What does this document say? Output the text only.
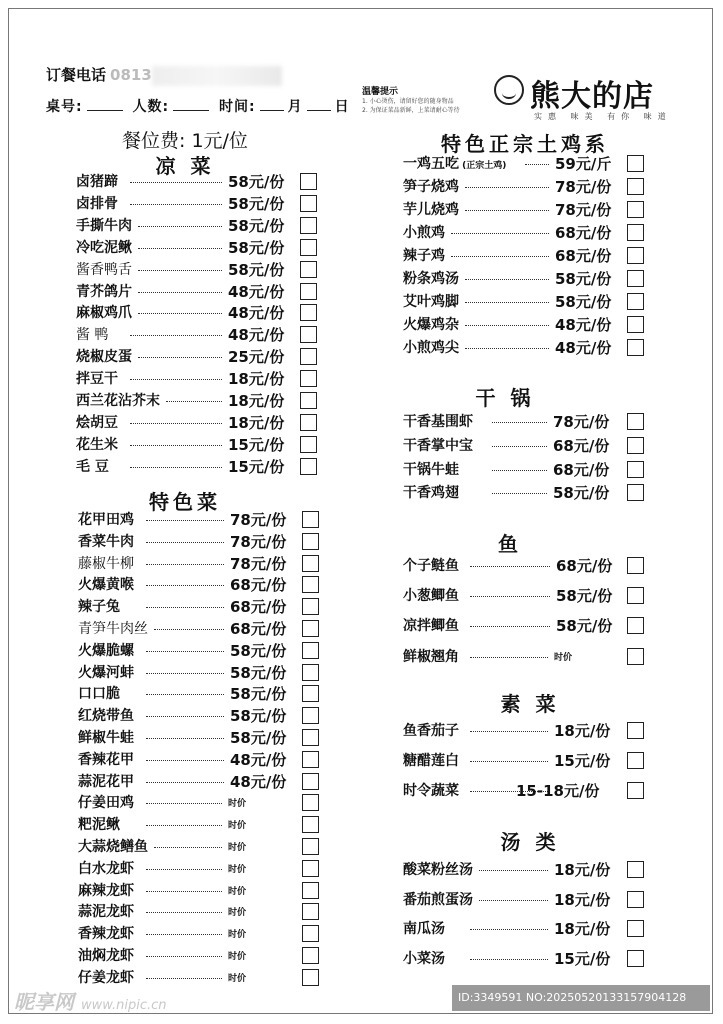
订餐电话 0813
桌号:	人数:	时间: 月 日
温馨提示
1. 小心烫伤，请留好您的随身物品
2. 为保证菜品新鲜，上菜请耐心等待	熊大的店
实惠 味美 有你 味道
餐位费: 1元/位
凉 菜
卤猪蹄	58元/份
卤排骨	58元/份
手撕牛肉	58元/份
冷吃泥鳅	58元/份
酱香鸭舌	58元/份
青芥鸽片	48元/份
麻椒鸡爪	48元/份
酱 鸭	48元/份
烧椒皮蛋	25元/份
拌豆干	18元/份
西兰花沾芥末	18元/份
烩胡豆	18元/份
花生米	15元/份
毛 豆	15元/份
特色菜
花甲田鸡	78元/份
香菜牛肉	78元/份
藤椒牛柳	78元/份
火爆黄喉	68元/份
辣子兔	68元/份
青笋牛肉丝	68元/份
火爆脆螺	58元/份
火爆河蚌	58元/份
口口脆	58元/份
红烧带鱼	58元/份
鲜椒牛蛙	58元/份
香辣花甲	48元/份
蒜泥花甲	48元/份
仔姜田鸡	时价
粑泥鳅	时价
大蒜烧鳝鱼	时价
白水龙虾	时价
麻辣龙虾	时价
蒜泥龙虾	时价
香辣龙虾	时价
油焖龙虾	时价
仔姜龙虾	时价
特色正宗土鸡系
一鸡五吃 (正宗土鸡)	59元/斤
笋子烧鸡	78元/份
芋儿烧鸡	78元/份
小煎鸡	68元/份
辣子鸡	68元/份
粉条鸡汤	58元/份
艾叶鸡脚	58元/份
火爆鸡杂	48元/份
小煎鸡尖	48元/份
干 锅
干香基围虾	78元/份
干香掌中宝	68元/份
干锅牛蛙	68元/份
干香鸡翅	58元/份
鱼
个子鲢鱼	68元/份
小葱鲫鱼	58元/份
凉拌鲫鱼	58元/份
鲜椒翘角	时价
素 菜
鱼香茄子	18元/份
糖醋莲白	15元/份
时令蔬菜	15-18元/份
汤 类
酸菜粉丝汤	18元/份
番茄煎蛋汤	18元/份
南瓜汤	18元/份
小菜汤	15元/份
昵享网 www.nipic.cn
ID:3349591 NO:20250520133157904128
